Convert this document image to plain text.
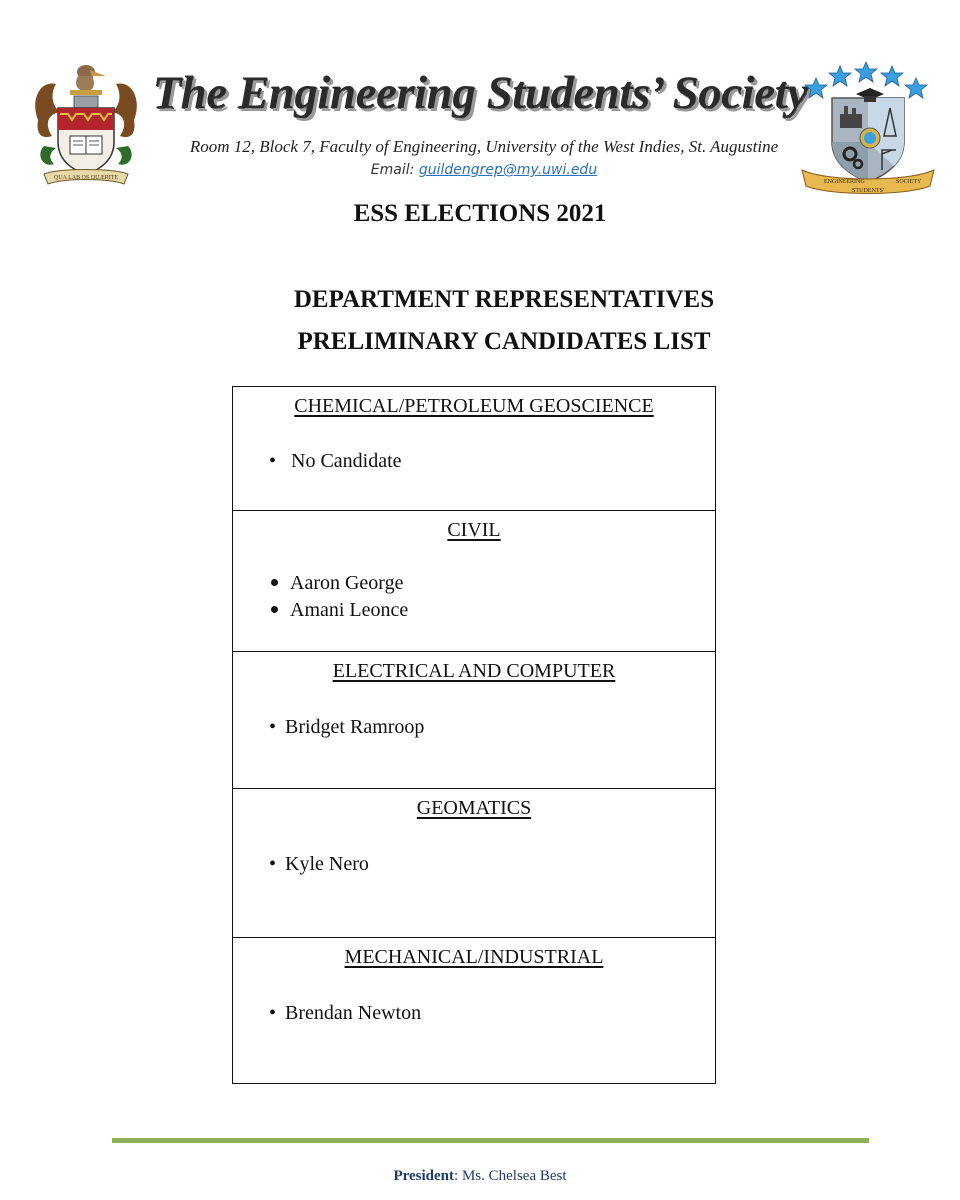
QUA LAB OS QUÆRITE
The Engineering Students’ Society
Room 12, Block 7, Faculty of Engineering, University of the West Indies, St. Augustine
Email: guildengrep@my.uwi.edu
ENGINEERING
STUDENTS'
SOCIETY
ESS ELECTIONS 2021
DEPARTMENT REPRESENTATIVES
PRELIMINARY CANDIDATES LIST
CHEMICAL/PETROLEUM GEOSCIENCE
• No Candidate
CIVIL
Aaron George
Amani Leonce
ELECTRICAL AND COMPUTER
• Bridget Ramroop
GEOMATICS
• Kyle Nero
MECHANICAL/INDUSTRIAL
• Brendan Newton
President: Ms. Chelsea Best
